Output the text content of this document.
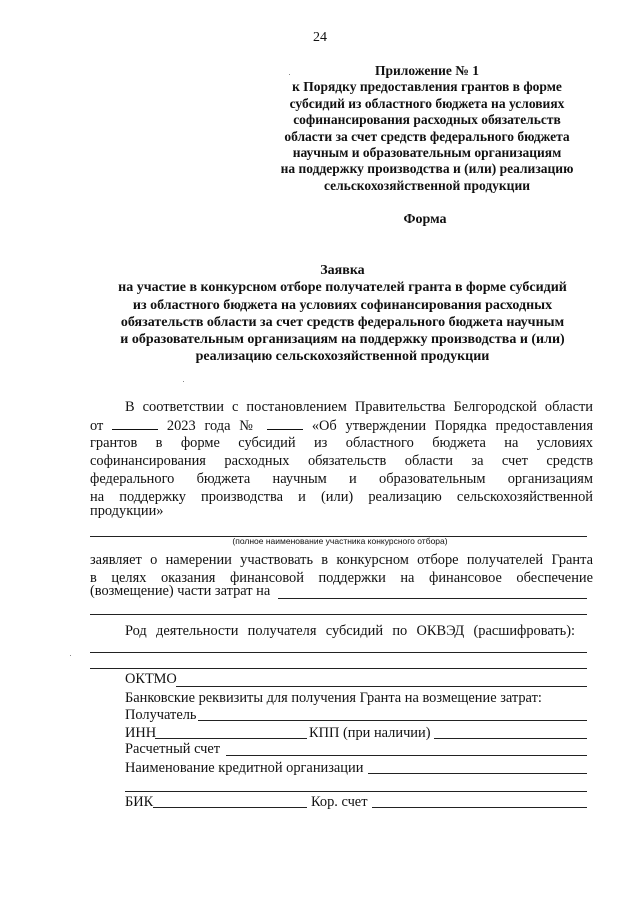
24
Приложение № 1
к Порядку предоставления грантов в форме
субсидий из областного бюджета на условиях
софинансирования расходных обязательств
области за счет средств федерального бюджета
научным и образовательным организациям
на поддержку производства и (или) реализацию
сельскохозяйственной продукции
Форма
Заявка
на участие в конкурсном отборе получателей гранта в форме субсидий
из областного бюджета на условиях софинансирования расходных
обязательств области за счет средств федерального бюджета научным
и образовательным организациям на поддержку производства и (или)
реализацию сельскохозяйственной продукции
В соответствии с постановлением Правительства Белгородской области
от	2023 года №	«Об утверждении Порядка предоставления
грантов в форме субсидий из областного бюджета на условиях
софинансирования расходных обязательств области за счет средств
федерального бюджета научным и образовательным организациям
на поддержку производства и (или) реализацию сельскохозяйственной
продукции»
(полное наименование участника конкурсного отбора)
заявляет о намерении участвовать в конкурсном отборе получателей Гранта
в целях оказания финансовой поддержки на финансовое обеспечение
(возмещение) части затрат на
Род деятельности получателя субсидий по ОКВЭД (расшифровать):
ОКТМО
Банковские реквизиты для получения Гранта на возмещение затрат:
Получатель
ИНН	КПП (при наличии)
Расчетный счет
Наименование кредитной организации
БИК	Кор. счет
